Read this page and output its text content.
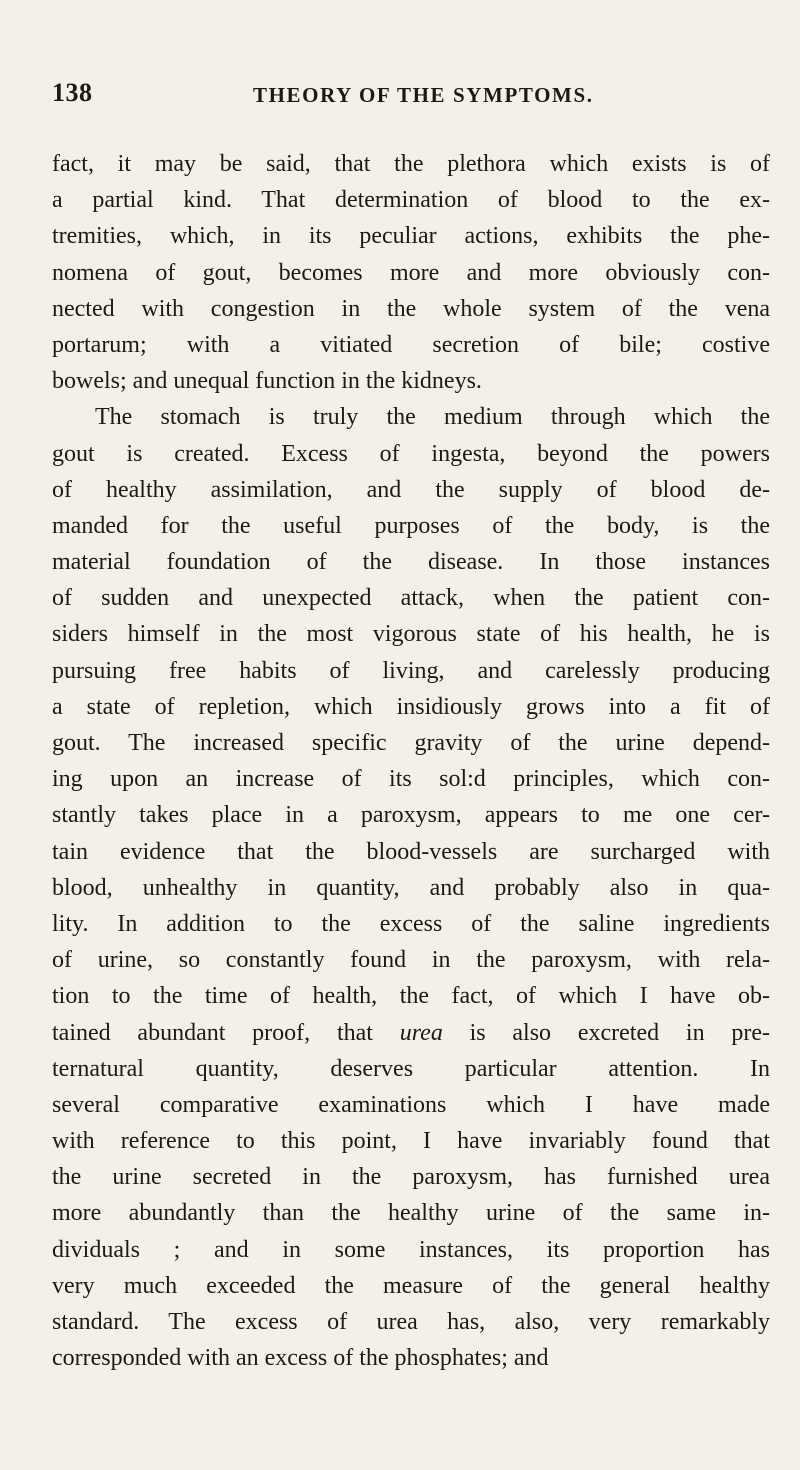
138	THEORY OF THE SYMPTOMS.
fact, it may be said, that the plethora which exists is of
a partial kind. That determination of blood to the ex-
tremities, which, in its peculiar actions, exhibits the phe-
nomena of gout, becomes more and more obviously con-
nected with congestion in the whole system of the vena
portarum; with a vitiated secretion of bile; costive
bowels; and unequal function in the kidneys.
The stomach is truly the medium through which the
gout is created. Excess of ingesta, beyond the powers
of healthy assimilation, and the supply of blood de-
manded for the useful purposes of the body, is the
material foundation of the disease. In those instances
of sudden and unexpected attack, when the patient con-
siders himself in the most vigorous state of his health, he is
pursuing free habits of living, and carelessly producing
a state of repletion, which insidiously grows into a fit of
gout. The increased specific gravity of the urine depend-
ing upon an increase of its sol:d principles, which con-
stantly takes place in a paroxysm, appears to me one cer-
tain evidence that the blood-vessels are surcharged with
blood, unhealthy in quantity, and probably also in qua-
lity. In addition to the excess of the saline ingredients
of urine, so constantly found in the paroxysm, with rela-
tion to the time of health, the fact, of which I have ob-
tained abundant proof, that urea is also excreted in pre-
ternatural quantity, deserves particular attention. In
several comparative examinations which I have made
with reference to this point, I have invariably found that
the urine secreted in the paroxysm, has furnished urea
more abundantly than the healthy urine of the same in-
dividuals ; and in some instances, its proportion has
very much exceeded the measure of the general healthy
standard. The excess of urea has, also, very remarkably
corresponded with an excess of the phosphates; and
